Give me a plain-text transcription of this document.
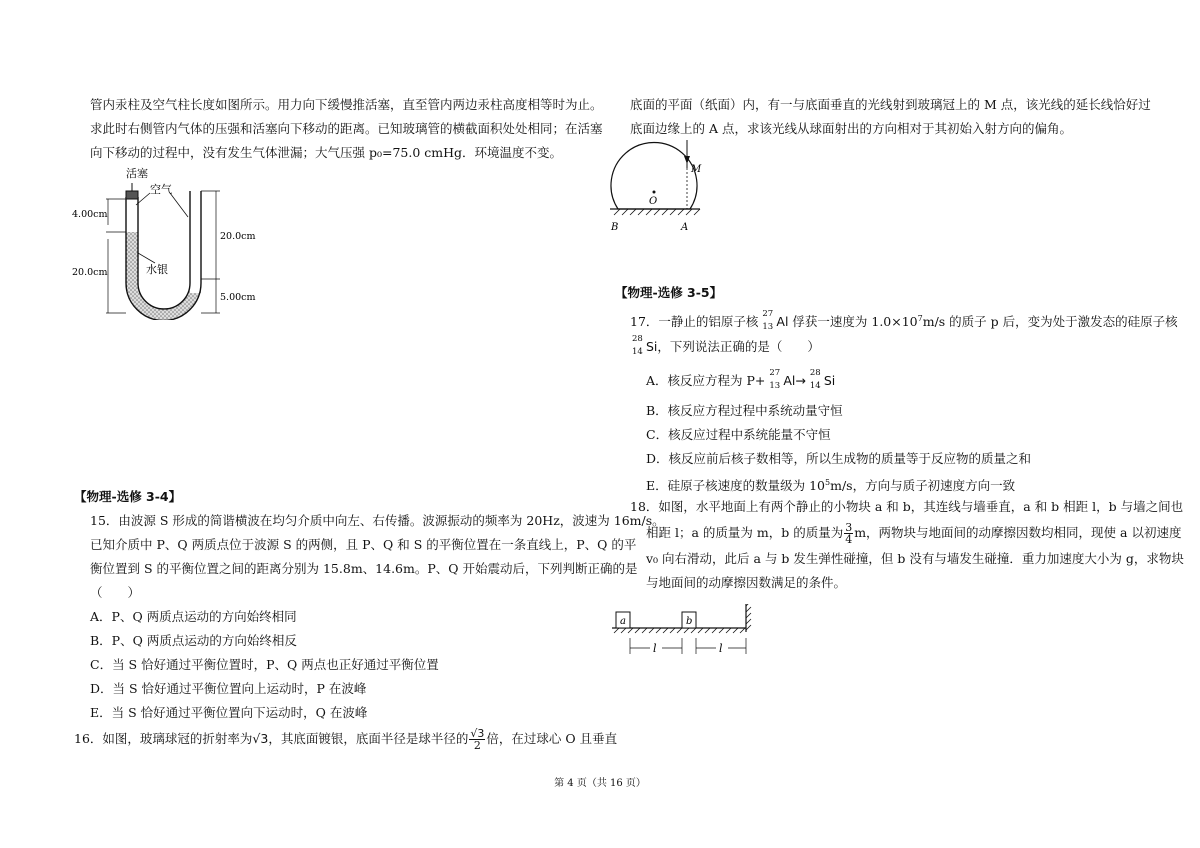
管内汞柱及空气柱长度如图所示。用力向下缓慢推活塞，直至管内两边汞柱高度相等时为止。
求此时右侧管内气体的压强和活塞向下移动的距离。已知玻璃管的横截面积处处相同；在活塞
向下移动的过程中，没有发生气体泄漏；大气压强 p₀=75.0 cmHg．环境温度不变。
活塞
空气
水银
4.00cm
20.0cm
20.0cm
5.00cm
【物理-选修 3-4】
15．由波源 S 形成的简谐横波在均匀介质中向左、右传播。波源振动的频率为 20Hz，波速为 16m/s。
已知介质中 P、Q 两质点位于波源 S 的两侧，且 P、Q 和 S 的平衡位置在一条直线上，P、Q 的平
衡位置到 S 的平衡位置之间的距离分别为 15.8m、14.6m。P、Q 开始震动后，下列判断正确的是
（　　）
A．P、Q 两质点运动的方向始终相同
B．P、Q 两质点运动的方向始终相反
C．当 S 恰好通过平衡位置时，P、Q 两点也正好通过平衡位置
D．当 S 恰好通过平衡位置向上运动时，P 在波峰
E．当 S 恰好通过平衡位置向下运动时，Q 在波峰
16．如图，玻璃球冠的折射率为√3，其底面镀银，底面半径是球半径的 $\frac{√3}{2}$ 倍，在过球心 O 且垂直
底面的平面（纸面）内，有一与底面垂直的光线射到玻璃冠上的 M 点，该光线的延长线恰好过
底面边缘上的 A 点，求该光线从球面射出的方向相对于其初始入射方向的偏角。
M
O
B	A
【物理-选修 3-5】
17．一静止的铝原子核
27
13 Al 俘获一速度为 $1.0\times 10^7m/s$ 的质子 p 后，变为处于激发态的硅原子核
28
14 Si，下列说法正确的是（　　）
A．核反应方程为 P+
27
13 Al→
28
14 Si
B．核反应方程过程中系统动量守恒
C．核反应过程中系统能量不守恒
D．核反应前后核子数相等，所以生成物的质量等于反应物的质量之和
E．硅原子核速度的数量级为 $10^5m/s$，方向与质子初速度方向一致
18．如图，水平地面上有两个静止的小物块 a 和 b，其连线与墙垂直，a 和 b 相距 l，b 与墙之间也
相距 l；a 的质量为 m，b 的质量为 $\frac{3}{4}$ m，两物块与地面间的动摩擦因数均相同，现使 a 以初速度
v₀ 向右滑动，此后 a 与 b 发生弹性碰撞，但 b 没有与墙发生碰撞．重力加速度大小为 g，求物块
与地面间的动摩擦因数满足的条件。
a	b
l	l
第 4 页（共 16 页）
